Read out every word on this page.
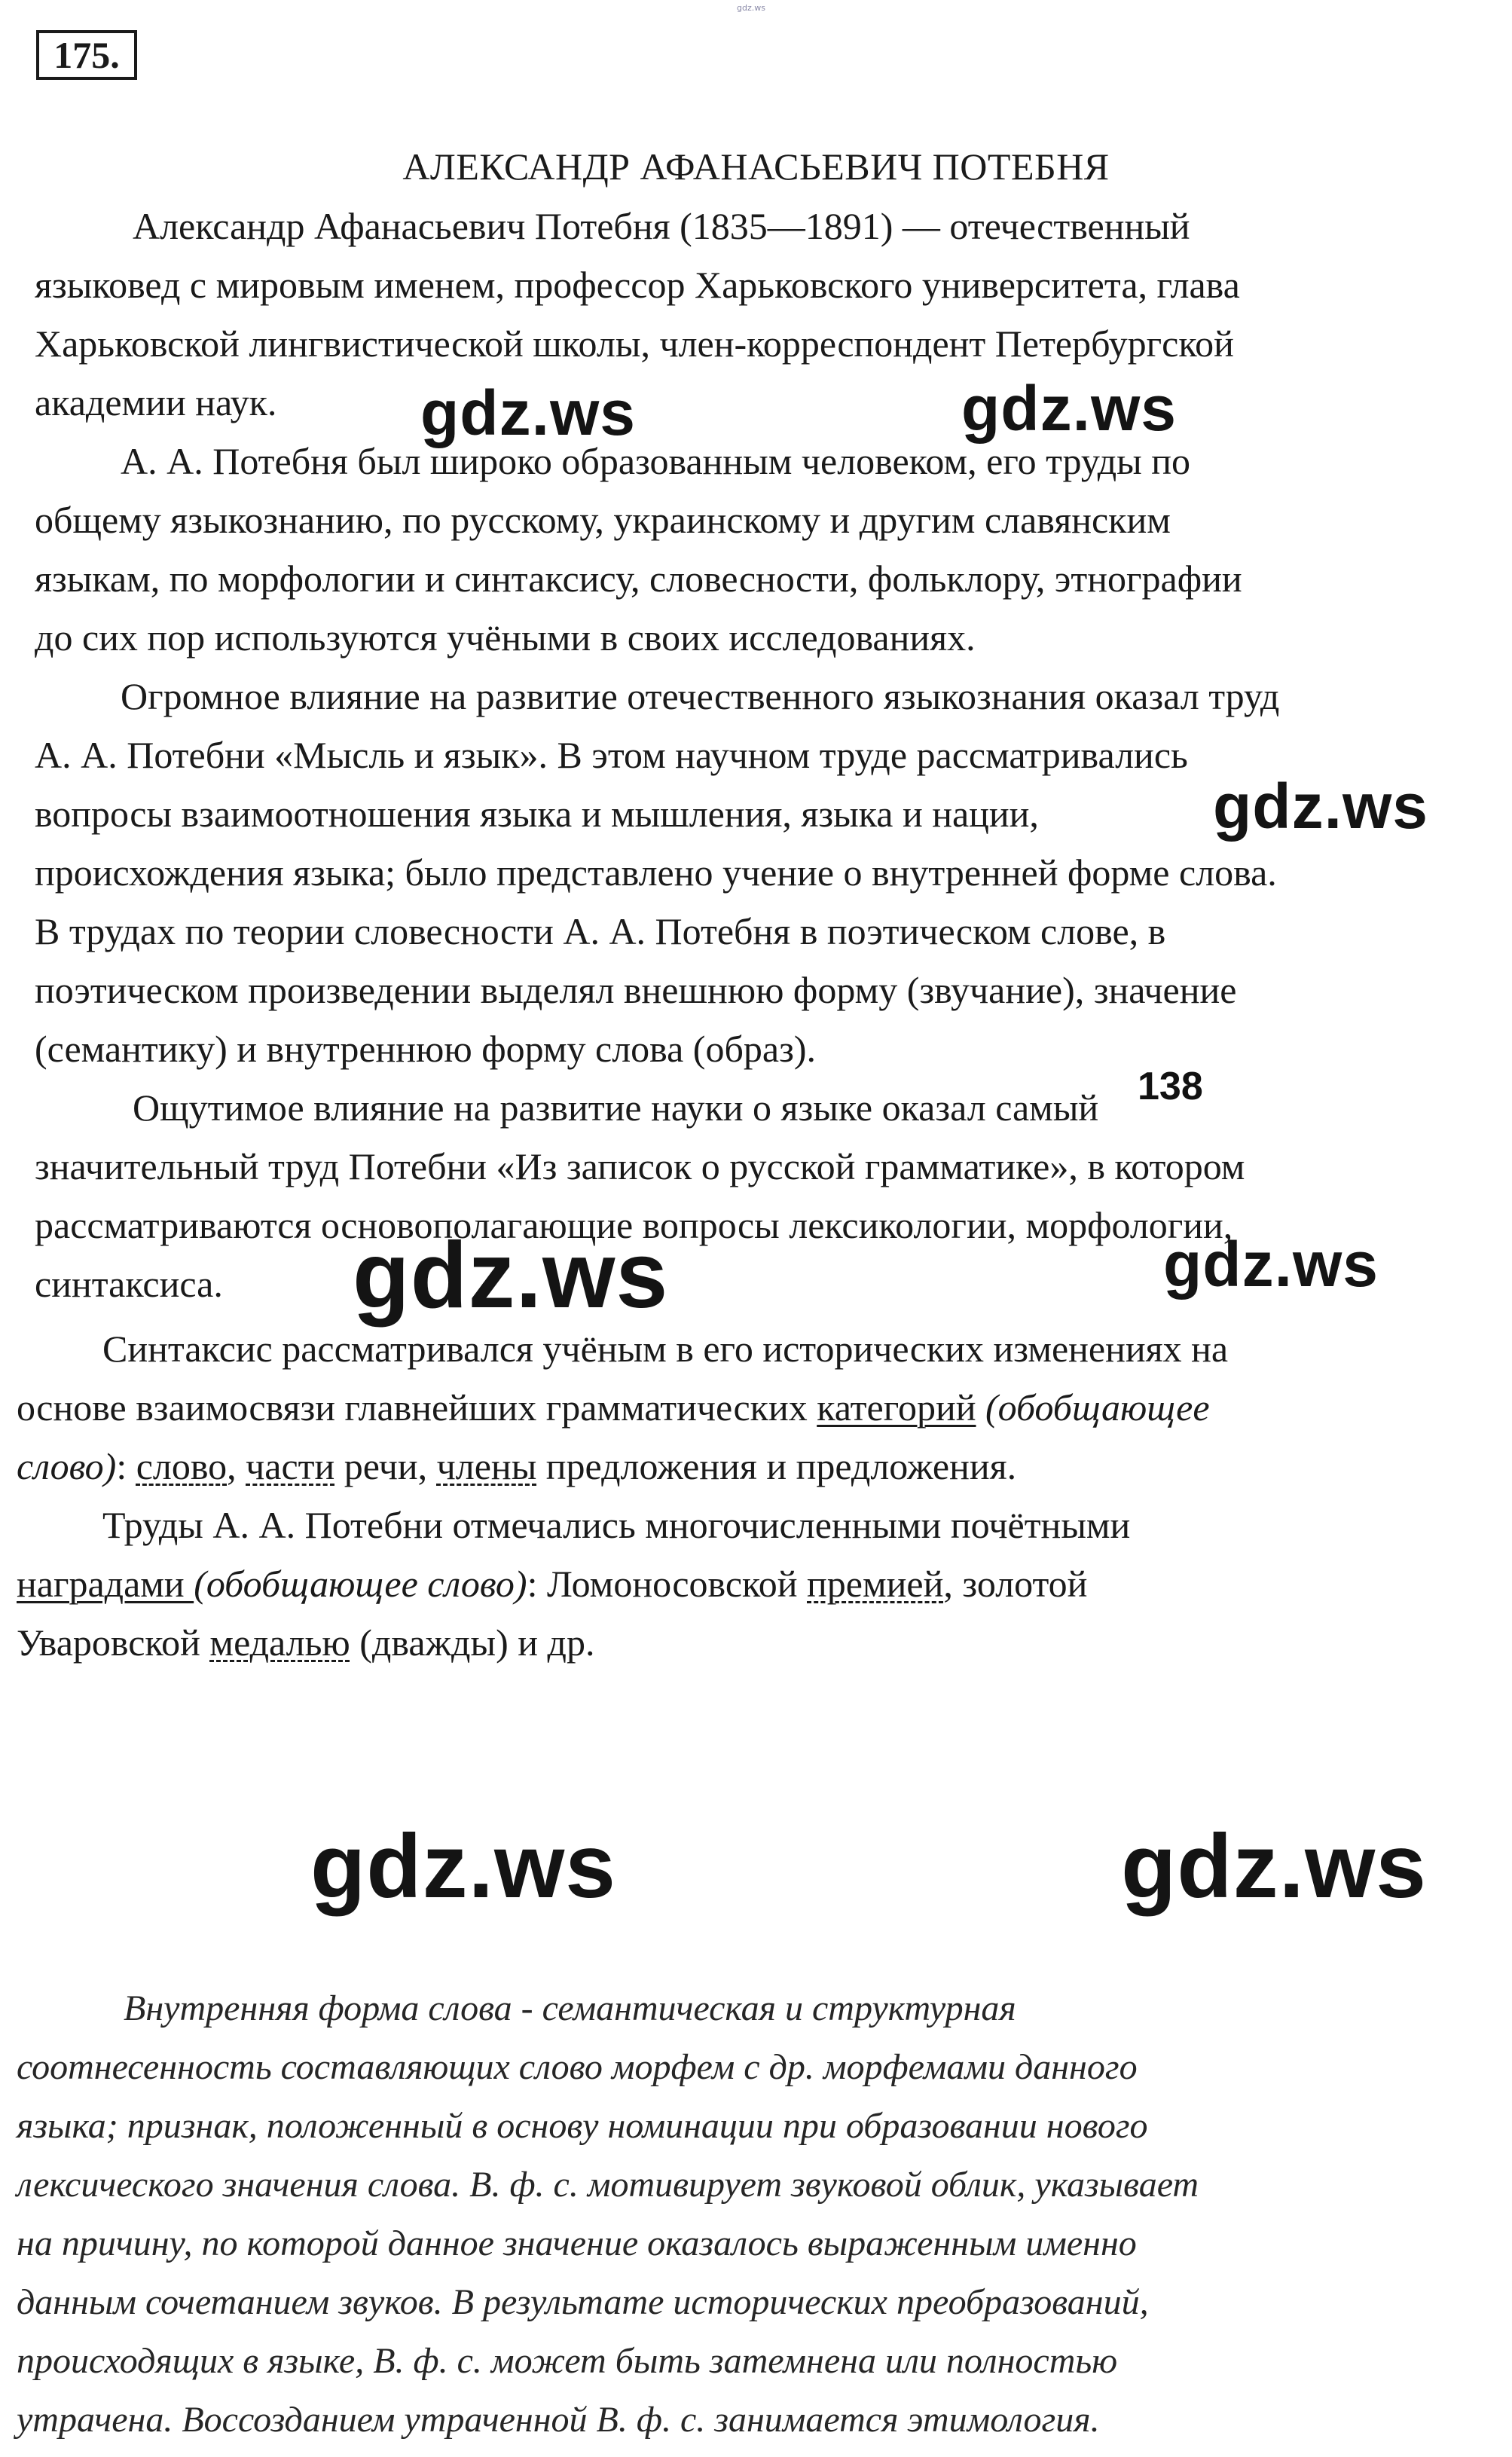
gdz.ws
175.
АЛЕКСАНДР АФАНАСЬЕВИЧ ПОТЕБНЯ
Александр Афанасьевич Потебня (1835—1891) — отечественный
языковед с мировым именем, профессор Харьковского университета, глава
Харьковской лингвистической школы, член-корреспондент Петербургской
академии наук.
А. А. Потебня был широко образованным человеком, его труды по
общему языкознанию, по русскому, украинскому и другим славянским
языкам, по морфологии и синтаксису, словесности, фольклору, этнографии
до сих пор используются учёными в своих исследованиях.
Огромное влияние на развитие отечественного языкознания оказал труд
А. А. Потебни «Мысль и язык». В этом научном труде рассматривались
вопросы взаимоотношения языка и мышления, языка и нации,
происхождения языка; было представлено учение о внутренней форме слова.
В трудах по теории словесности А. А. Потебня в поэтическом слове, в
поэтическом произведении выделял внешнюю форму (звучание), значение
(семантику) и внутреннюю форму слова (образ).
Ощутимое влияние на развитие науки о языке оказал самый
значительный труд Потебни «Из записок о русской грамматике», в котором
рассматриваются основополагающие вопросы лексикологии, морфологии,
синтаксиса.
138
Синтаксис рассматривался учёным в его исторических изменениях на
основе взаимосвязи главнейших грамматических категорий (обобщающее
слово): слово, части речи, члены предложения и предложения.
Труды А. А. Потебни отмечались многочисленными почётными
наградами (обобщающее слово): Ломоносовской премией, золотой
Уваровской медалью (дважды) и др.
Внутренняя форма слова - семантическая и структурная
соотнесенность составляющих слово морфем с др. морфемами данного
языка; признак, положенный в основу номинации при образовании нового
лексического значения слова. В. ф. с. мотивирует звуковой облик, указывает
на причину, по которой данное значение оказалось выраженным именно
данным сочетанием звуков. В результате исторических преобразований,
происходящих в языке, В. ф. с. может быть затемнена или полностью
утрачена. Воссозданием утраченной В. ф. с. занимается этимология.
gdz.ws	gdz.ws
gdz.ws
gdz.ws	gdz.ws
gdz.ws	gdz.ws
